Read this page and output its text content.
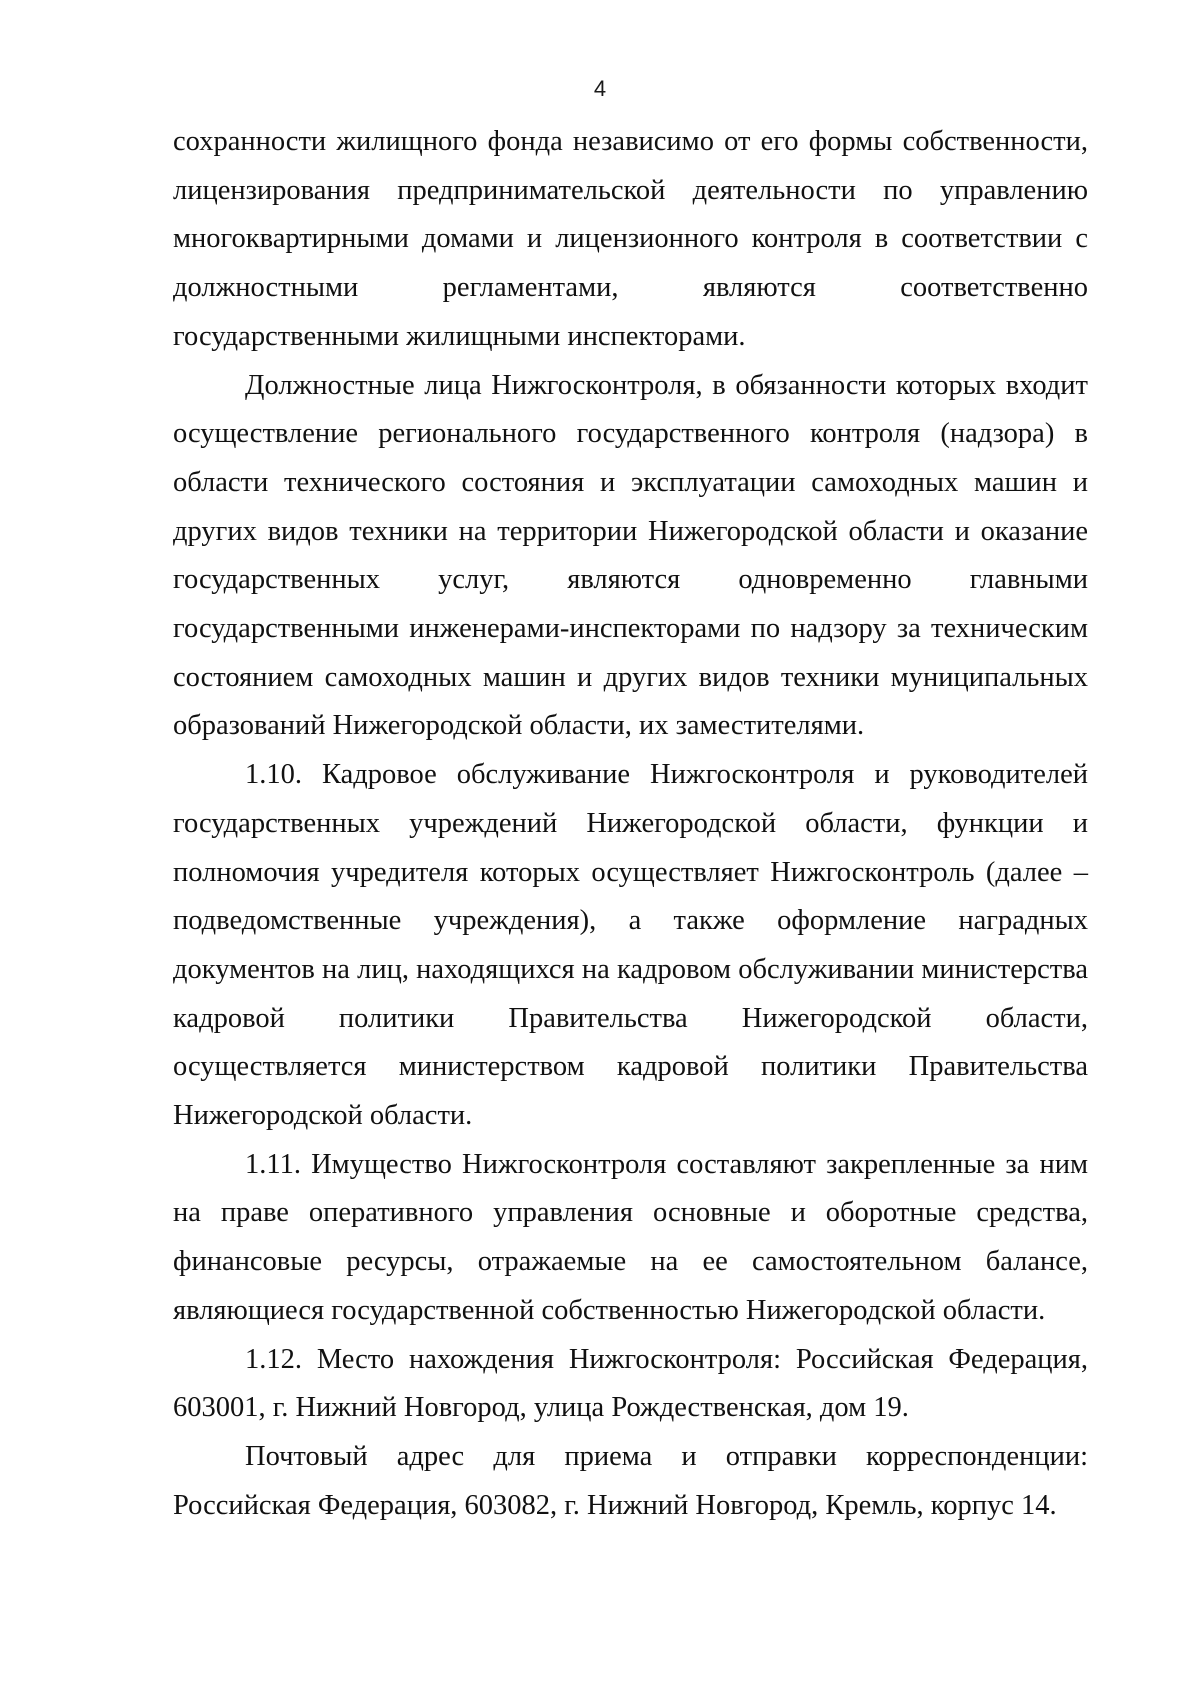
4

сохранности жилищного фонда независимо от его формы собственности, лицензирования предпринимательской деятельности по управлению многоквартирными домами и лицензионного контроля в соответствии с должностными регламентами, являются соответственно государственными жилищными инспекторами.

Должностные лица Нижгосконтроля, в обязанности которых входит осуществление регионального государственного контроля (надзора) в области технического состояния и эксплуатации самоходных машин и других видов техники на территории Нижегородской области и оказание государственных услуг, являются одновременно главными государственными инженерами-инспекторами по надзору за техническим состоянием самоходных машин и других видов техники муниципальных образований Нижегородской области, их заместителями.

1.10. Кадровое обслуживание Нижгосконтроля и руководителей государственных учреждений Нижегородской области, функции и полномочия учредителя которых осуществляет Нижгосконтроль (далее – подведомственные учреждения), а также оформление наградных документов на лиц, находящихся на кадровом обслуживании министерства кадровой политики Правительства Нижегородской области, осуществляется министерством кадровой политики Правительства Нижегородской области.

1.11. Имущество Нижгосконтроля составляют закрепленные за ним на праве оперативного управления основные и оборотные средства, финансовые ресурсы, отражаемые на ее самостоятельном балансе, являющиеся государственной собственностью Нижегородской области.

1.12. Место нахождения Нижгосконтроля: Российская Федерация, 603001, г. Нижний Новгород, улица Рождественская, дом 19.

Почтовый адрес для приема и отправки корреспонденции: Российская Федерация, 603082, г. Нижний Новгород, Кремль, корпус 14.
